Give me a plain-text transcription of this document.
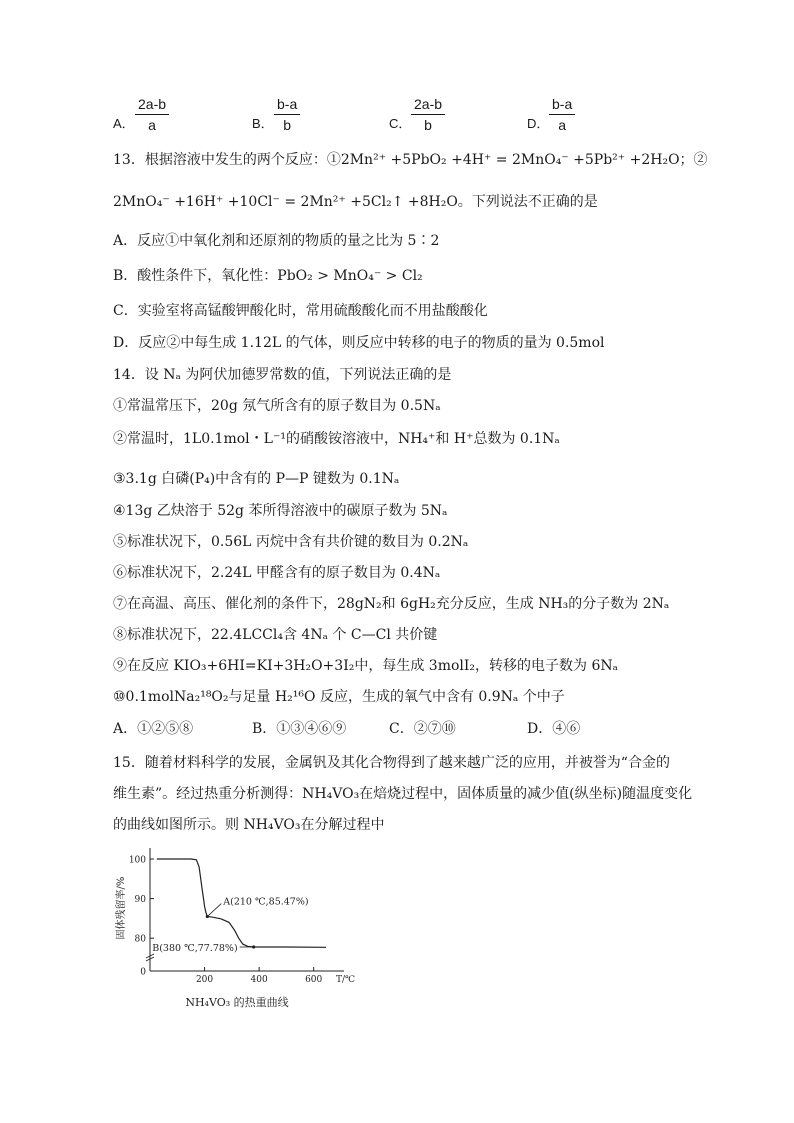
A． $\frac{2a-b}{a}$	B． $\frac{b-a}{b}$	C． $\frac{2a-b}{b}$	D． $\frac{b-a}{a}$
13．根据溶液中发生的两个反应：①2Mn²⁺ +5PbO₂ +4H⁺ = 2MnO₄⁻ +5Pb²⁺ +2H₂O；②
2MnO₄⁻ +16H⁺ +10Cl⁻ = 2Mn²⁺ +5Cl₂↑ +8H₂O。下列说法不正确的是
A．反应①中氧化剂和还原剂的物质的量之比为 5∶2
B．酸性条件下，氧化性：PbO₂ > MnO₄⁻ > Cl₂
C．实验室将高锰酸钾酸化时，常用硫酸酸化而不用盐酸酸化
D．反应②中每生成 1.12L 的气体，则反应中转移的电子的物质的量为 0.5mol
14．设 Nₐ 为阿伏加德罗常数的值，下列说法正确的是
①常温常压下，20g 氖气所含有的原子数目为 0.5Nₐ
②常温时，1L0.1mol・L⁻¹的硝酸铵溶液中，NH₄⁺和 H⁺总数为 0.1Nₐ
③3.1g 白磷(P₄)中含有的 P—P 键数为 0.1Nₐ
④13g 乙炔溶于 52g 苯所得溶液中的碳原子数为 5Nₐ
⑤标准状况下，0.56L 丙烷中含有共价键的数目为 0.2Nₐ
⑥标准状况下，2.24L 甲醛含有的原子数目为 0.4Nₐ
⑦在高温、高压、催化剂的条件下，28gN₂和 6gH₂充分反应，生成 NH₃的分子数为 2Nₐ
⑧标准状况下，22.4LCCl₄含 4Nₐ 个 C—Cl 共价键
⑨在反应 KIO₃+6HI=KI+3H₂O+3I₂中，每生成 3molI₂，转移的电子数为 6Nₐ
⑩0.1molNa₂¹⁸O₂与足量 H₂¹⁶O 反应，生成的氧气中含有 0.9Nₐ 个中子
A．①②⑤⑧	B．①③④⑥⑨	C．②⑦⑩	D．④⑥
15．随着材料科学的发展，金属钒及其化合物得到了越来越广泛的应用，并被誉为“合金的
维生素”。经过热重分析测得：NH₄VO₃在焙烧过程中，固体质量的减少值(纵坐标)随温度变化
的曲线如图所示。则 NH₄VO₃在分解过程中
固体残留率/%
0
80
90
100
200	400	600 T/℃
A(210 ℃,85.47%)
B(380 ℃,77.78%)
NH₄VO₃ 的热重曲线
